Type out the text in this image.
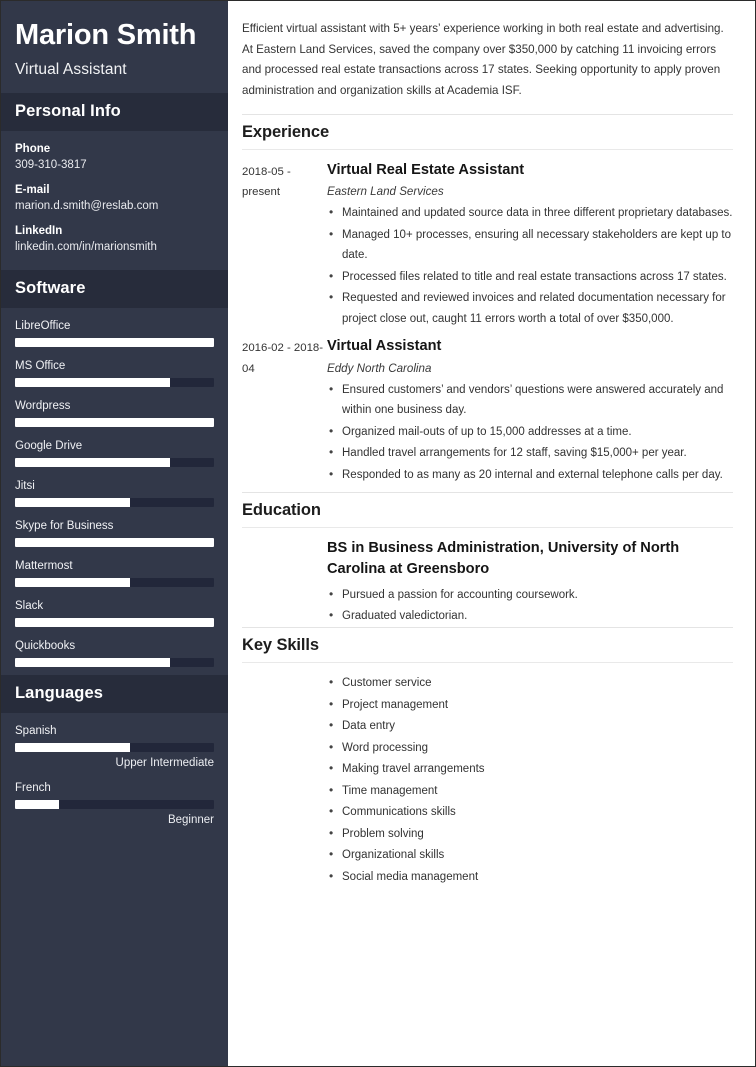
Marion Smith
Virtual Assistant
Personal Info
Phone
309-310-3817
E-mail
marion.d.smith@reslab.com
LinkedIn
linkedin.com/in/marionsmith
Software
LibreOffice
MS Office
Wordpress
Google Drive
Jitsi
Skype for Business
Mattermost
Slack
Quickbooks
Languages
Spanish
Upper Intermediate
French
Beginner

Efficient virtual assistant with 5+ years’ experience working in both real estate and advertising. At Eastern Land Services, saved the company over $350,000 by catching 11 invoicing errors and processed real estate transactions across 17 states. Seeking opportunity to apply proven administration and organization skills at Academia ISF.

Experience
2018-05 - present
Virtual Real Estate Assistant
Eastern Land Services
• Maintained and updated source data in three different proprietary databases.
• Managed 10+ processes, ensuring all necessary stakeholders are kept up to date.
• Processed files related to title and real estate transactions across 17 states.
• Requested and reviewed invoices and related documentation necessary for project close out, caught 11 errors worth a total of over $350,000.
2016-02 - 2018-04
Virtual Assistant
Eddy North Carolina
• Ensured customers’ and vendors’ questions were answered accurately and within one business day.
• Organized mail-outs of up to 15,000 addresses at a time.
• Handled travel arrangements for 12 staff, saving $15,000+ per year.
• Responded to as many as 20 internal and external telephone calls per day.
Education
BS in Business Administration, University of North Carolina at Greensboro
• Pursued a passion for accounting coursework.
• Graduated valedictorian.
Key Skills
• Customer service
• Project management
• Data entry
• Word processing
• Making travel arrangements
• Time management
• Communications skills
• Problem solving
• Organizational skills
• Social media management
